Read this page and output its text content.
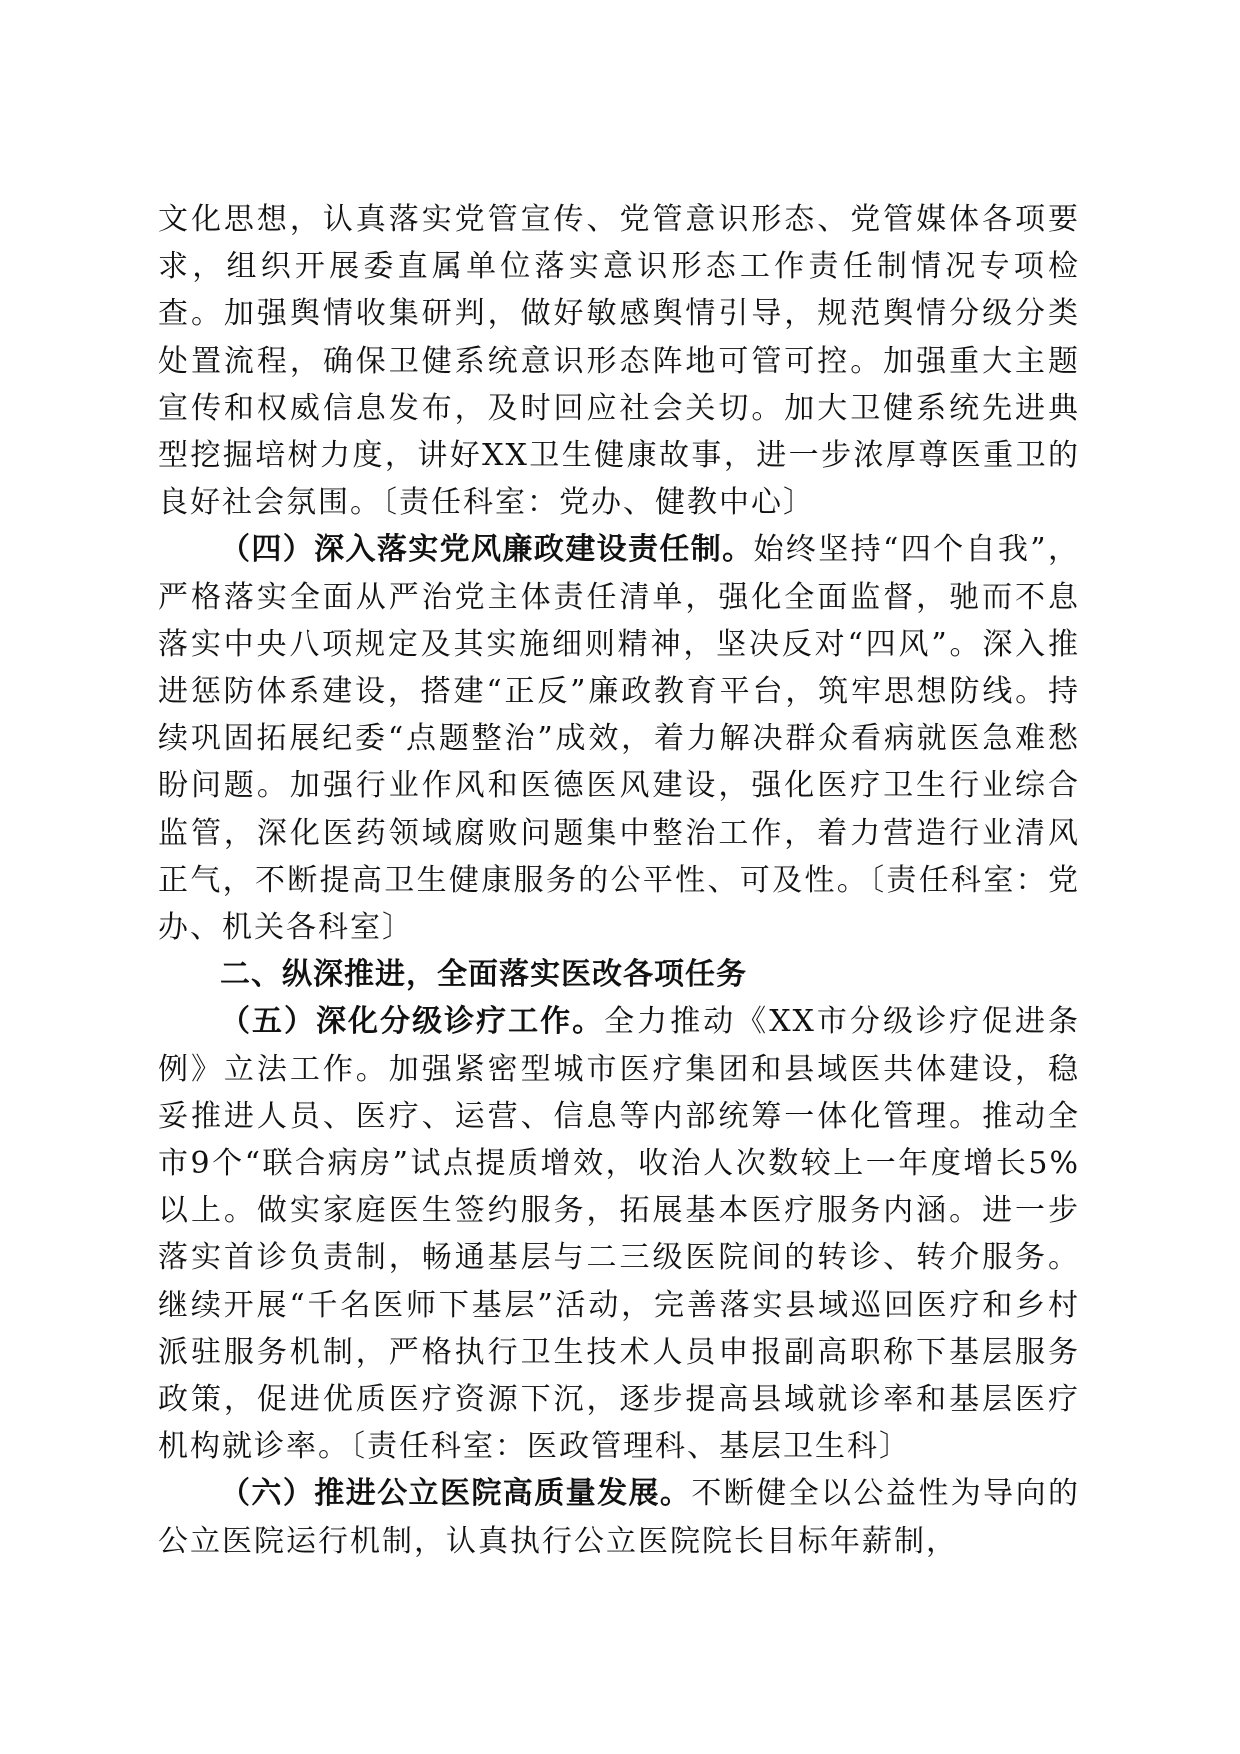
文化思想，认真落实党管宣传、党管意识形态、党管媒体各项要求，组织开展委直属单位落实意识形态工作责任制情况专项检查。加强舆情收集研判，做好敏感舆情引导，规范舆情分级分类处置流程，确保卫健系统意识形态阵地可管可控。加强重大主题宣传和权威信息发布，及时回应社会关切。加大卫健系统先进典型挖掘培树力度，讲好XX卫生健康故事，进一步浓厚尊医重卫的良好社会氛围。〔责任科室：党办、健教中心〕

（四）深入落实党风廉政建设责任制。始终坚持“四个自我”，严格落实全面从严治党主体责任清单，强化全面监督，驰而不息落实中央八项规定及其实施细则精神，坚决反对“四风”。深入推进惩防体系建设，搭建“正反”廉政教育平台，筑牢思想防线。持续巩固拓展纪委“点题整治”成效，着力解决群众看病就医急难愁盼问题。加强行业作风和医德医风建设，强化医疗卫生行业综合监管，深化医药领域腐败问题集中整治工作，着力营造行业清风正气，不断提高卫生健康服务的公平性、可及性。〔责任科室：党办、机关各科室〕

二、纵深推进，全面落实医改各项任务

（五）深化分级诊疗工作。全力推动《XX市分级诊疗促进条例》立法工作。加强紧密型城市医疗集团和县域医共体建设，稳妥推进人员、医疗、运营、信息等内部统筹一体化管理。推动全市9个“联合病房”试点提质增效，收治人次数较上一年度增长5%以上。做实家庭医生签约服务，拓展基本医疗服务内涵。进一步落实首诊负责制，畅通基层与二三级医院间的转诊、转介服务。继续开展“千名医师下基层”活动，完善落实县域巡回医疗和乡村派驻服务机制，严格执行卫生技术人员申报副高职称下基层服务政策，促进优质医疗资源下沉，逐步提高县域就诊率和基层医疗机构就诊率。〔责任科室：医政管理科、基层卫生科〕

（六）推进公立医院高质量发展。不断健全以公益性为导向的公立医院运行机制，认真执行公立医院院长目标年薪制，
